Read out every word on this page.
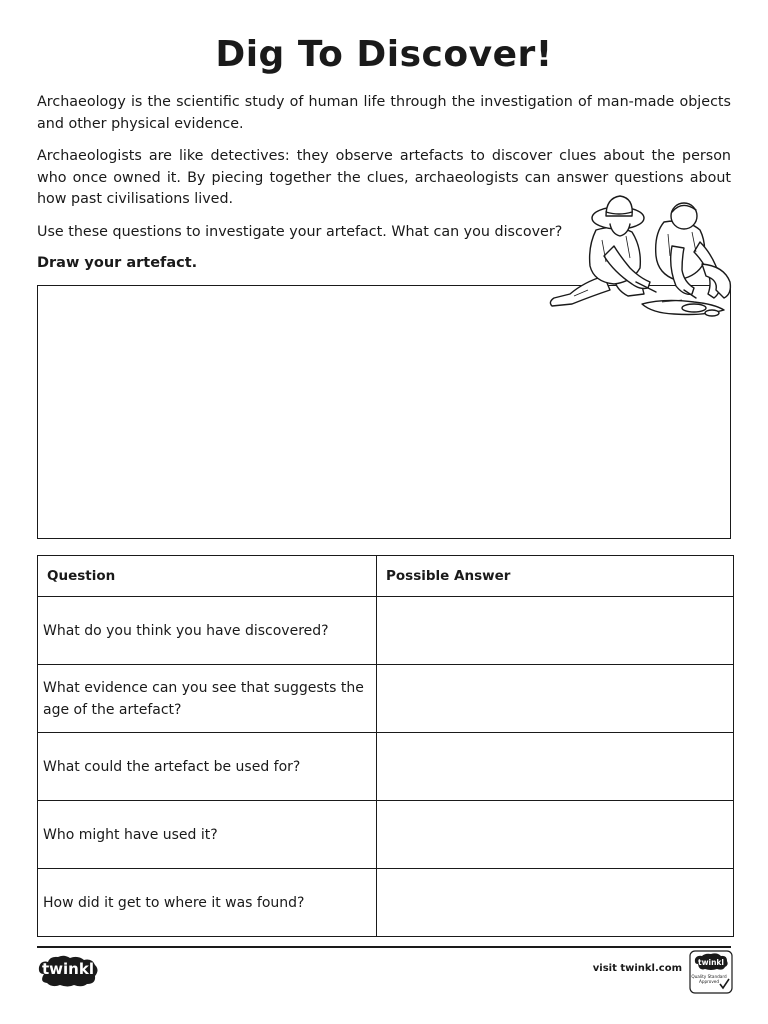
Dig To Discover!

Archaeology is the scientific study of human life through the investigation of man-made objects and other physical evidence.

Archaeologists are like detectives: they observe artefacts to discover clues about the person who once owned it. By piecing together the clues, archaeologists can answer questions about how past civilisations lived.

Use these questions to investigate your artefact. What can you discover?

Draw your artefact.

Question	Possible Answer
What do you think you have discovered?	
What evidence can you see that suggests the age of the artefact?	
What could the artefact be used for?	
Who might have used it?	
How did it get to where it was found?	
twinkl	visit twinkl.com
twinkl
Quality Standard
Approved
